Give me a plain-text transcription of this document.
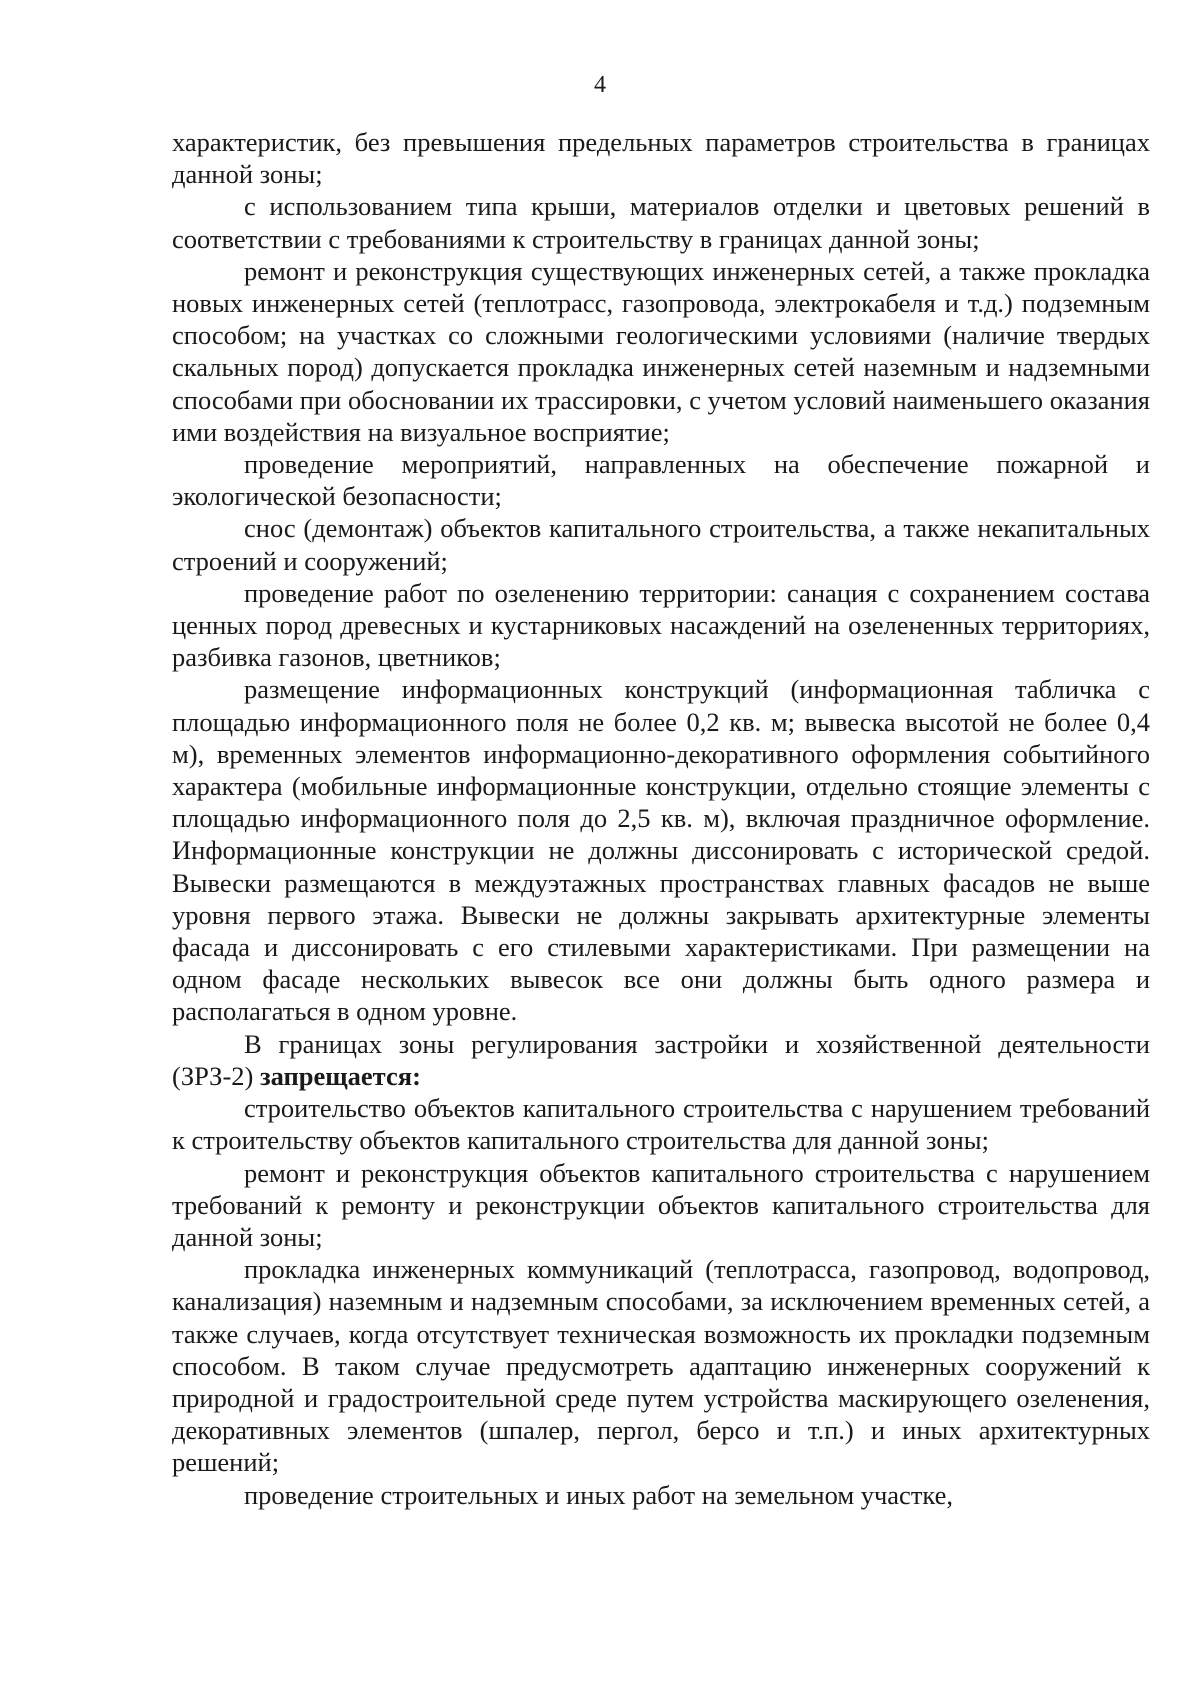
4

характеристик, без превышения предельных параметров строительства в границах данной зоны;

с использованием типа крыши, материалов отделки и цветовых решений в соответствии с требованиями к строительству в границах данной зоны;

ремонт и реконструкция существующих инженерных сетей, а также прокладка новых инженерных сетей (теплотрасс, газопровода, электрокабеля и т.д.) подземным способом; на участках со сложными геологическими условиями (наличие твердых скальных пород) допускается прокладка инженерных сетей наземным и надземными способами при обосновании их трассировки, с учетом условий наименьшего оказания ими воздействия на визуальное восприятие;

проведение мероприятий, направленных на обеспечение пожарной и экологической безопасности;

снос (демонтаж) объектов капитального строительства, а также некапитальных строений и сооружений;

проведение работ по озеленению территории: санация с сохранением состава ценных пород древесных и кустарниковых насаждений на озелененных территориях, разбивка газонов, цветников;

размещение информационных конструкций (информационная табличка с площадью информационного поля не более 0,2 кв. м; вывеска высотой не более 0,4 м), временных элементов информационно-декоративного оформления событийного характера (мобильные информационные конструкции, отдельно стоящие элементы с площадью информационного поля до 2,5 кв. м), включая праздничное оформление. Информационные конструкции не должны диссонировать с исторической средой. Вывески размещаются в междуэтажных пространствах главных фасадов не выше уровня первого этажа. Вывески не должны закрывать архитектурные элементы фасада и диссонировать с его стилевыми характеристиками. При размещении на одном фасаде нескольких вывесок все они должны быть одного размера и располагаться в одном уровне.

В границах зоны регулирования застройки и хозяйственной деятельности (ЗРЗ-2) запрещается:

строительство объектов капитального строительства с нарушением требований к строительству объектов капитального строительства для данной зоны;

ремонт и реконструкция объектов капитального строительства с нарушением требований к ремонту и реконструкции объектов капитального строительства для данной зоны;

прокладка инженерных коммуникаций (теплотрасса, газопровод, водопровод, канализация) наземным и надземным способами, за исключением временных сетей, а также случаев, когда отсутствует техническая возможность их прокладки подземным способом. В таком случае предусмотреть адаптацию инженерных сооружений к природной и градостроительной среде путем устройства маскирующего озеленения, декоративных элементов (шпалер, пергол, берсо и т.п.) и иных архитектурных решений;

проведение строительных и иных работ на земельном участке,
